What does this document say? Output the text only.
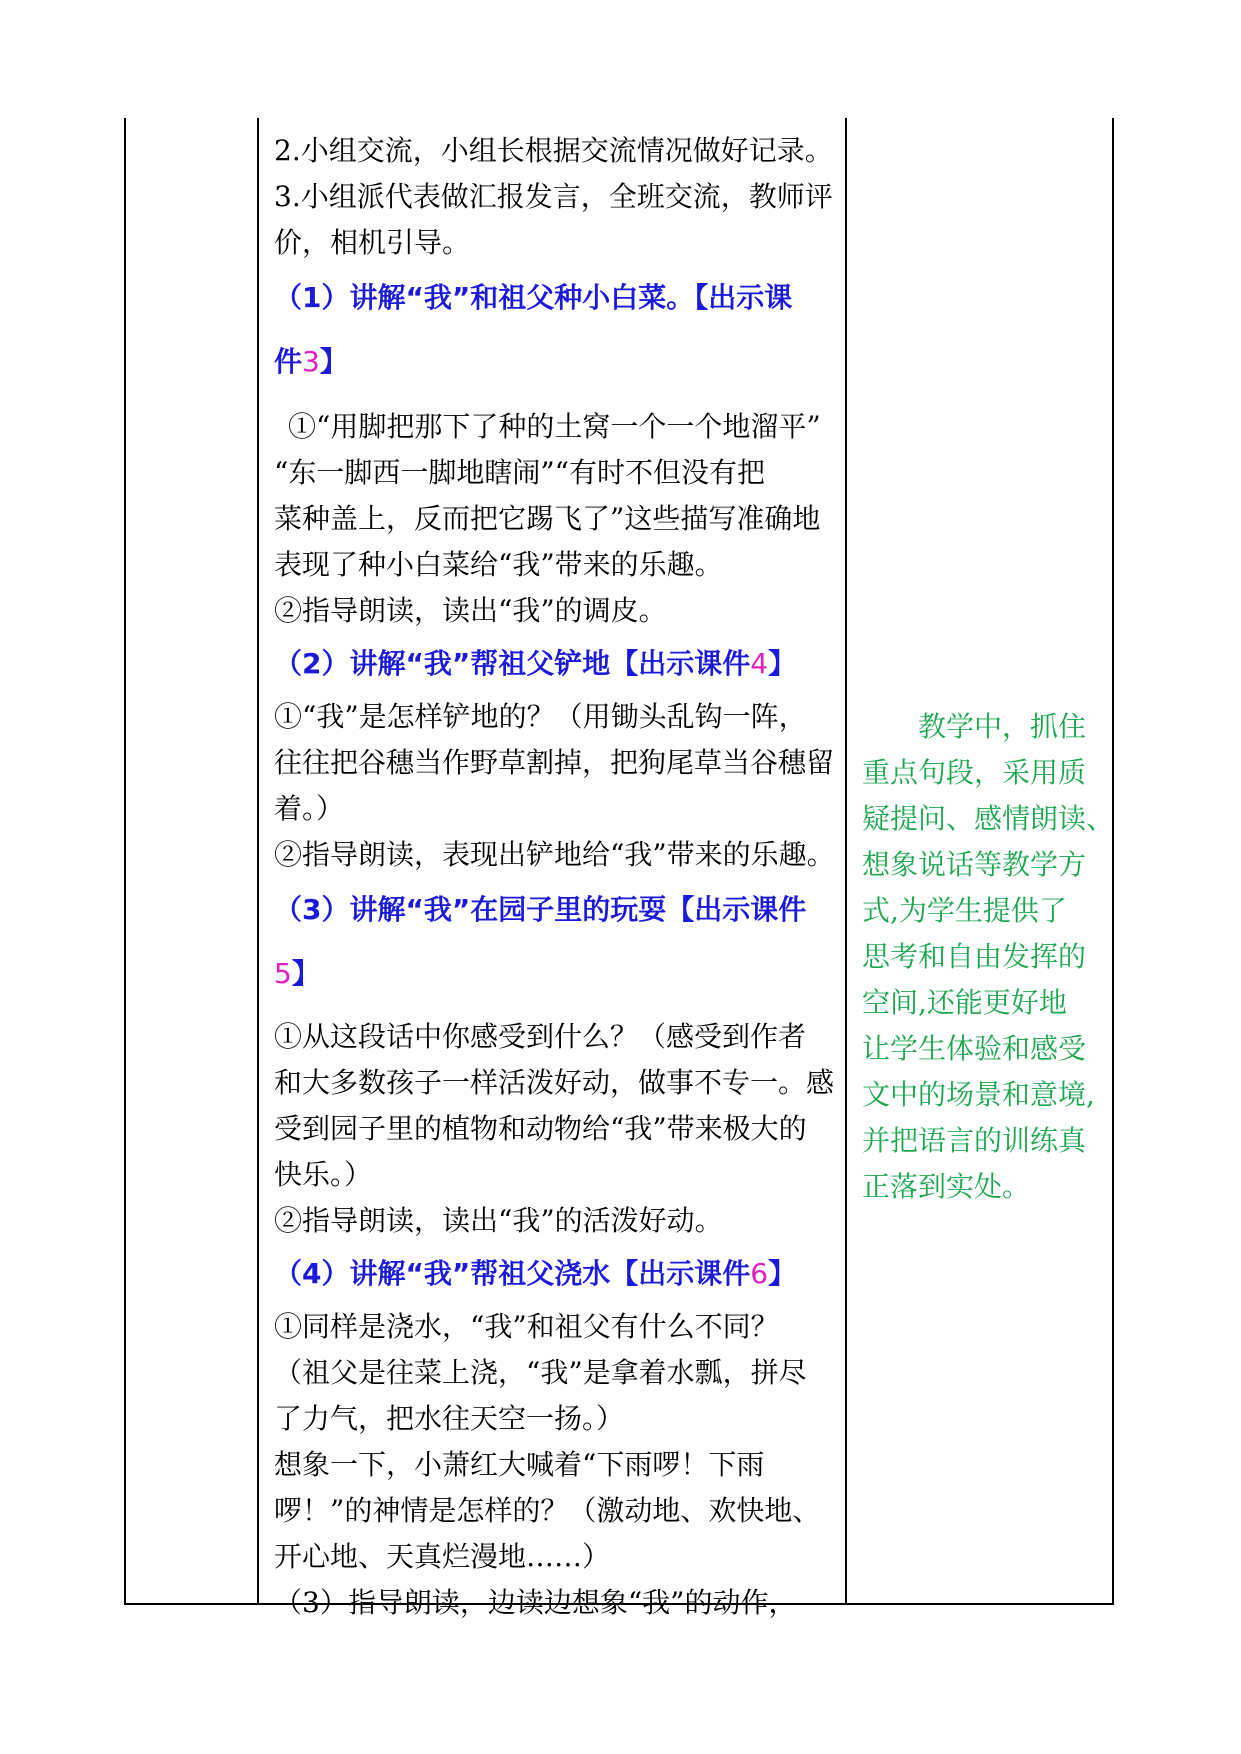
2.小组交流，小组长根据交流情况做好记录。

3.小组派代表做汇报发言，全班交流，教师评

价，相机引导。

（1）讲解“我”和祖父种小白菜。【出示课

件3】

①“用脚把那下了种的土窝一个一个地溜平”

“东一脚西一脚地瞎闹”“有时不但没有把

菜种盖上，反而把它踢飞了”这些描写准确地

表现了种小白菜给“我”带来的乐趣。

②指导朗读，读出“我”的调皮。

（2）讲解“我”帮祖父铲地【出示课件4】

①“我”是怎样铲地的？（用锄头乱钩一阵，

往往把谷穗当作野草割掉，把狗尾草当谷穗留

着。）

②指导朗读，表现出铲地给“我”带来的乐趣。

（3）讲解“我”在园子里的玩耍【出示课件

5】

①从这段话中你感受到什么？（感受到作者

和大多数孩子一样活泼好动，做事不专一。感

受到园子里的植物和动物给“我”带来极大的

快乐。）

②指导朗读，读出“我”的活泼好动。

（4）讲解“我”帮祖父浇水【出示课件6】

①同样是浇水，“我”和祖父有什么不同？

（祖父是往菜上浇，“我”是拿着水瓢，拼尽

了力气，把水往天空一扬。）

想象一下，小萧红大喊着“下雨啰！下雨

啰！”的神情是怎样的？（激动地、欢快地、

开心地、天真烂漫地……）

（3）指导朗读，边读边想象“我”的动作，

教学中，抓住

重点句段，采用质

疑提问、感情朗读、

想象说话等教学方

式,为学生提供了

思考和自由发挥的

空间,还能更好地

让学生体验和感受

文中的场景和意境,

并把语言的训练真

正落到实处。
